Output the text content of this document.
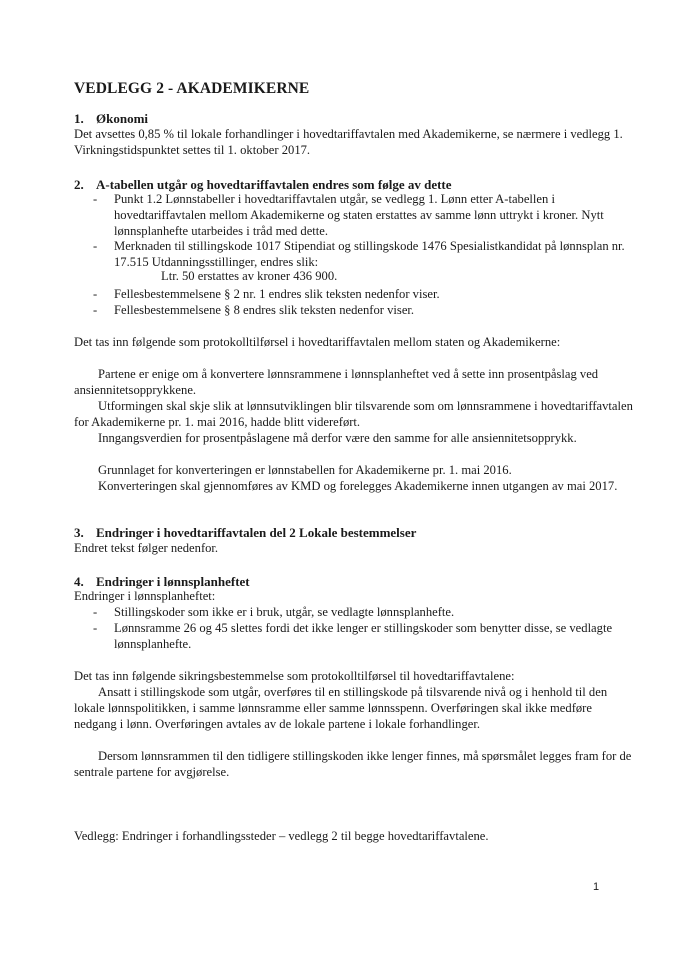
VEDLEGG 2 - AKADEMIKERNE
1. Økonomi
Det avsettes 0,85 % til lokale forhandlinger i hovedtariffavtalen med Akademikerne, se nærmere i vedlegg 1. Virkningstidspunktet settes til 1. oktober 2017.
2. A-tabellen utgår og hovedtariffavtalen endres som følge av dette
-	Punkt 1.2 Lønnstabeller i hovedtariffavtalen utgår, se vedlegg 1. Lønn etter A-tabellen i hovedtariffavtalen mellom Akademikerne og staten erstattes av samme lønn uttrykt i kroner. Nytt lønnsplanhefte utarbeides i tråd med dette.
-	Merknaden til stillingskode 1017 Stipendiat og stillingskode 1476 Spesialistkandidat på lønnsplan nr. 17.515 Utdanningsstillinger, endres slik:
Ltr. 50 erstattes av kroner 436 900.
-	Fellesbestemmelsene § 2 nr. 1 endres slik teksten nedenfor viser.
-	Fellesbestemmelsene § 8 endres slik teksten nedenfor viser.
Det tas inn følgende som protokolltilførsel i hovedtariffavtalen mellom staten og Akademikerne:
Partene er enige om å konvertere lønnsrammene i lønnsplanheftet ved å sette inn prosentpåslag ved ansiennitetsopprykkene.
Utformingen skal skje slik at lønnsutviklingen blir tilsvarende som om lønnsrammene i hovedtariffavtalen for Akademikerne pr. 1. mai 2016, hadde blitt videreført.
Inngangsverdien for prosentpåslagene må derfor være den samme for alle ansiennitetsopprykk.
Grunnlaget for konverteringen er lønnstabellen for Akademikerne pr. 1. mai 2016.
Konverteringen skal gjennomføres av KMD og forelegges Akademikerne innen utgangen av mai 2017.
3. Endringer i hovedtariffavtalen del 2 Lokale bestemmelser
Endret tekst følger nedenfor.
4. Endringer i lønnsplanheftet
Endringer i lønnsplanheftet:
-	Stillingskoder som ikke er i bruk, utgår, se vedlagte lønnsplanhefte.
-	Lønnsramme 26 og 45 slettes fordi det ikke lenger er stillingskoder som benytter disse, se vedlagte lønnsplanhefte.
Det tas inn følgende sikringsbestemmelse som protokolltilførsel til hovedtariffavtalene:
Ansatt i stillingskode som utgår, overføres til en stillingskode på tilsvarende nivå og i henhold til den lokale lønnspolitikken, i samme lønnsramme eller samme lønnsspenn. Overføringen skal ikke medføre nedgang i lønn. Overføringen avtales av de lokale partene i lokale forhandlinger.
Dersom lønnsrammen til den tidligere stillingskoden ikke lenger finnes, må spørsmålet legges fram for de sentrale partene for avgjørelse.
Vedlegg: Endringer i forhandlingssteder – vedlegg 2 til begge hovedtariffavtalene.
1
